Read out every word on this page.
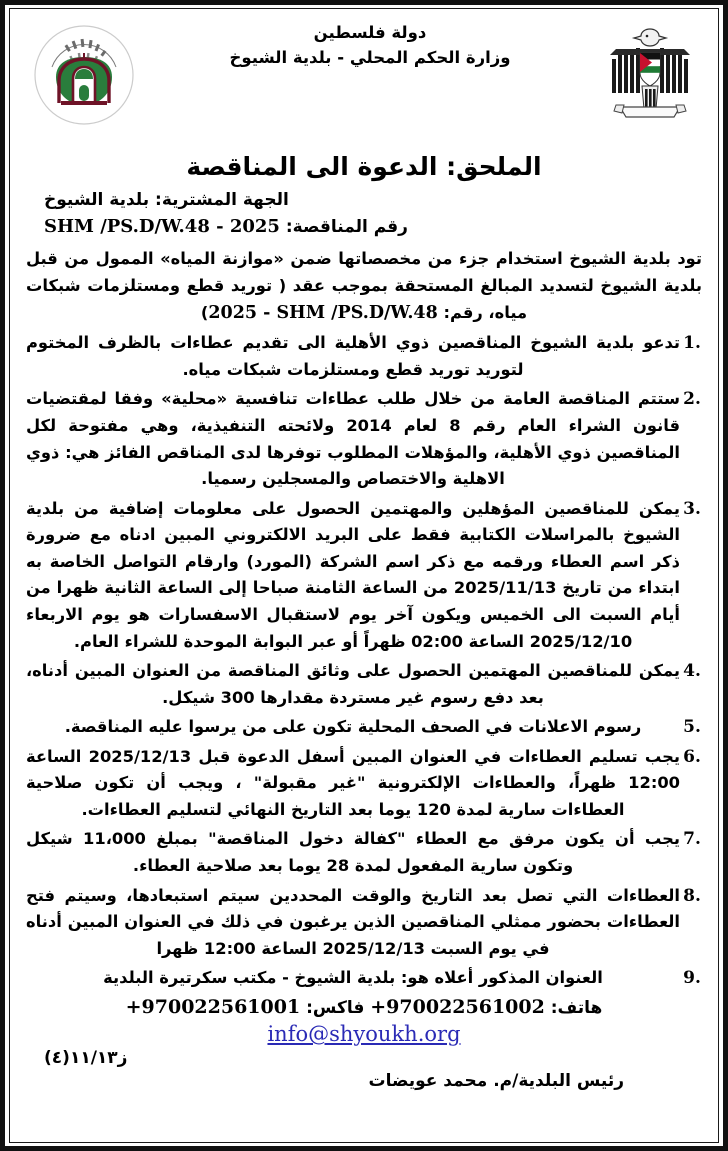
دولة فلسطين
وزارة الحكم المحلي - بلدية الشيوخ
الملحق: الدعوة الى المناقصة
الجهة المشترية: بلدية الشيوخ
رقم المناقصة: SHM /PS.D/W.48 - 2025
تود بلدية الشيوخ استخدام جزء من مخصصاتها ضمن «موازنة المياه» الممول من قبل بلدية الشيوخ لتسديد المبالغ المستحقة بموجب عقد ( توريد قطع ومستلزمات شبكات مياه، رقم: 2025 - SHM /PS.D/W.48)
1.
تدعو بلدية الشيوخ المناقصين ذوي الأهلية الى تقديم عطاءات بالظرف المختوم لتوريد توريد قطع ومستلزمات شبكات مياه.
2.
ستتم المناقصة العامة من خلال طلب عطاءات تنافسية «محلية» وفقا لمقتضيات قانون الشراء العام رقم 8 لعام 2014 ولائحته التنفيذية، وهي مفتوحة لكل المناقصين ذوي الأهلية، والمؤهلات المطلوب توفرها لدى المناقص الفائز هي: ذوي الاهلية والاختصاص والمسجلين رسميا.
3.
يمكن للمناقصين المؤهلين والمهتمين الحصول على معلومات إضافية من بلدية الشيوخ بالمراسلات الكتابية فقط على البريد الالكتروني المبين ادناه مع ضرورة ذكر اسم العطاء ورقمه مع ذكر اسم الشركة (المورد) وارقام التواصل الخاصة به ابتداء من تاريخ 2025/11/13 من الساعة الثامنة صباحا إلى الساعة الثانية ظهرا من أيام السبت الى الخميس ويكون آخر يوم لاستقبال الاسفسارات هو يوم الاربعاء 2025/12/10 الساعة 02:00 ظهراً أو عبر البوابة الموحدة للشراء العام.
4.
يمكن للمناقصين المهتمين الحصول على وثائق المناقصة من العنوان المبين أدناه، بعد دفع رسوم غير مستردة مقدارها 300 شيكل.
5.
رسوم الاعلانات في الصحف المحلية تكون على من يرسوا عليه المناقصة.
6.
يجب تسليم العطاءات في العنوان المبين أسفل الدعوة قبل 2025/12/13 الساعة 12:00 ظهراً، والعطاءات الإلكترونية "غير مقبولة" ، ويجب أن تكون صلاحية العطاءات سارية لمدة 120 يوما بعد التاريخ النهائي لتسليم العطاءات.
7.
يجب أن يكون مرفق مع العطاء "كفالة دخول المناقصة" بمبلغ 11،000 شيكل وتكون سارية المفعول لمدة 28 يوما بعد صلاحية العطاء.
8.
العطاءات التي تصل بعد التاريخ والوقت المحددين سيتم استبعادها، وسيتم فتح العطاءات بحضور ممثلي المناقصين الذين يرغبون في ذلك في العنوان المبين أدناه في يوم السبت 2025/12/13 الساعة 12:00 ظهرا
9.
العنوان المذكور أعلاه هو: بلدية الشيوخ - مكتب سكرتيرة البلدية
هاتف: +970022561002 فاكس: +970022561001
info@shyoukh.org
ز١١/١٣(٤)
رئيس البلدية/م. محمد عويضات
